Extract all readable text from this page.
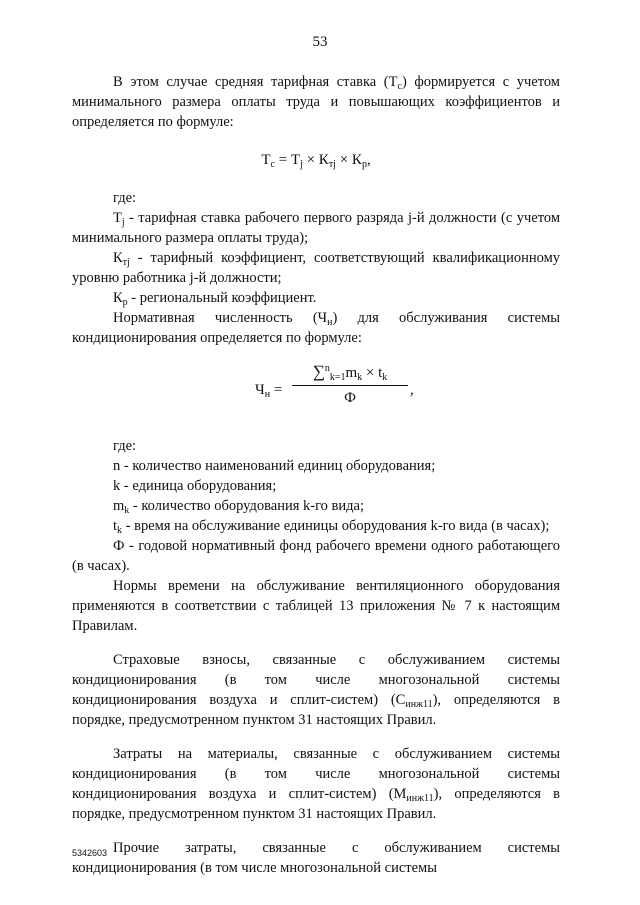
53

В этом случае средняя тарифная ставка $(Т_с)$ формируется с учетом минимального размера оплаты труда и повышающих коэффициентов и определяется по формуле:

$Т_с = Т_j \times К_{тj} \times К_р$,

где:

$Т_j$ - тарифная ставка рабочего первого разряда j-й должности (с учетом минимального размера оплаты труда);

$К_{тj}$ - тарифный коэффициент, соответствующий квалификационному уровню работника j-й должности;

$К_р$ - региональный коэффициент.

Нормативная численность $(Ч_н)$ для обслуживания системы кондиционирования определяется по формуле:

$Ч_н$ =
$\sum^n_{k=1}m_k \times t_k$
Ф	,

где:

n - количество наименований единиц оборудования;

k - единица оборудования;

$m_k$ - количество оборудования k-го вида;

$t_k$ - время на обслуживание единицы оборудования k-го вида (в часах);

Ф - годовой нормативный фонд рабочего времени одного работающего (в часах).

Нормы времени на обслуживание вентиляционного оборудования применяются в соответствии с таблицей 13 приложения № 7 к настоящим Правилам.

Страховые взносы, связанные с обслуживанием системы кондиционирования (в том числе многозональной системы кондиционирования воздуха и сплит-систем) $(С_{инж11})$, определяются в порядке, предусмотренном пунктом 31 настоящих Правил.

Затраты на материалы, связанные с обслуживанием системы кондиционирования (в том числе многозональной системы кондиционирования воздуха и сплит-систем) $(М_{инж11})$, определяются в порядке, предусмотренном пунктом 31 настоящих Правил.

Прочие затраты, связанные с обслуживанием системы кондиционирования (в том числе многозональной системы

5342603
